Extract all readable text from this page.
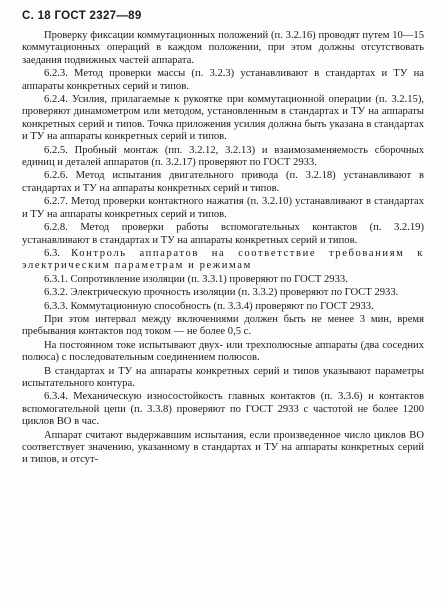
С. 18 ГОСТ 2327—89

Проверку фиксации коммутационных положений (п. 3.2.16) проводят путем 10—15 коммутационных операций в каждом положении, при этом должны отсутствовать заедания подвижных частей аппарата.

6.2.3. Метод проверки массы (п. 3.2.3) устанавливают в стандартах и ТУ на аппараты конкретных серий и типов.

6.2.4. Усилия, прилагаемые к рукоятке при коммутационной операции (п. 3.2.15), проверяют динамометром или методом, установленным в стандартах и ТУ на аппараты конкретных серий и типов. Точка приложения усилия должна быть указана в стандартах и ТУ на аппараты конкретных серий и типов.

6.2.5. Пробный монтаж (пп. 3.2.12, 3.2.13) и взаимозаменяемость сборочных единиц и деталей аппаратов (п. 3.2.17) проверяют по ГОСТ 2933.

6.2.6. Метод испытания двигательного привода (п. 3.2.18) устанавливают в стандартах и ТУ на аппараты конкретных серий и типов.

6.2.7. Метод проверки контактного нажатия (п. 3.2.10) устанавливают в стандартах и ТУ на аппараты конкретных серий и типов.

6.2.8. Метод проверки работы вспомогательных контактов (п. 3.2.19) устанавливают в стандартах и ТУ на аппараты конкретных серий и типов.

6.3. Контроль аппаратов на соответствие требованиям к электрическим параметрам и режимам

6.3.1. Сопротивление изоляции (п. 3.3.1) проверяют по ГОСТ 2933.

6.3.2. Электрическую прочность изоляции (п. 3.3.2) проверяют по ГОСТ 2933.

6.3.3. Коммутационную способность (п. 3.3.4) проверяют по ГОСТ 2933.

При этом интервал между включениями должен быть не менее 3 мин, время пребывания контактов под током — не более 0,5 с.

На постоянном токе испытывают двух- или трехполюсные аппараты (два соседних полюса) с последовательным соединением полюсов.

В стандартах и ТУ на аппараты конкретных серий и типов указывают параметры испытательного контура.

6.3.4. Механическую износостойкость главных контактов (п. 3.3.6) и контактов вспомогательной цепи (п. 3.3.8) проверяют по ГОСТ 2933 с частотой не более 1200 циклов ВО в час.

Аппарат считают выдержавшим испытания, если произведенное число циклов ВО соответствует значению, указанному в стандартах и ТУ на аппараты конкретных серий и типов, и отсут-
